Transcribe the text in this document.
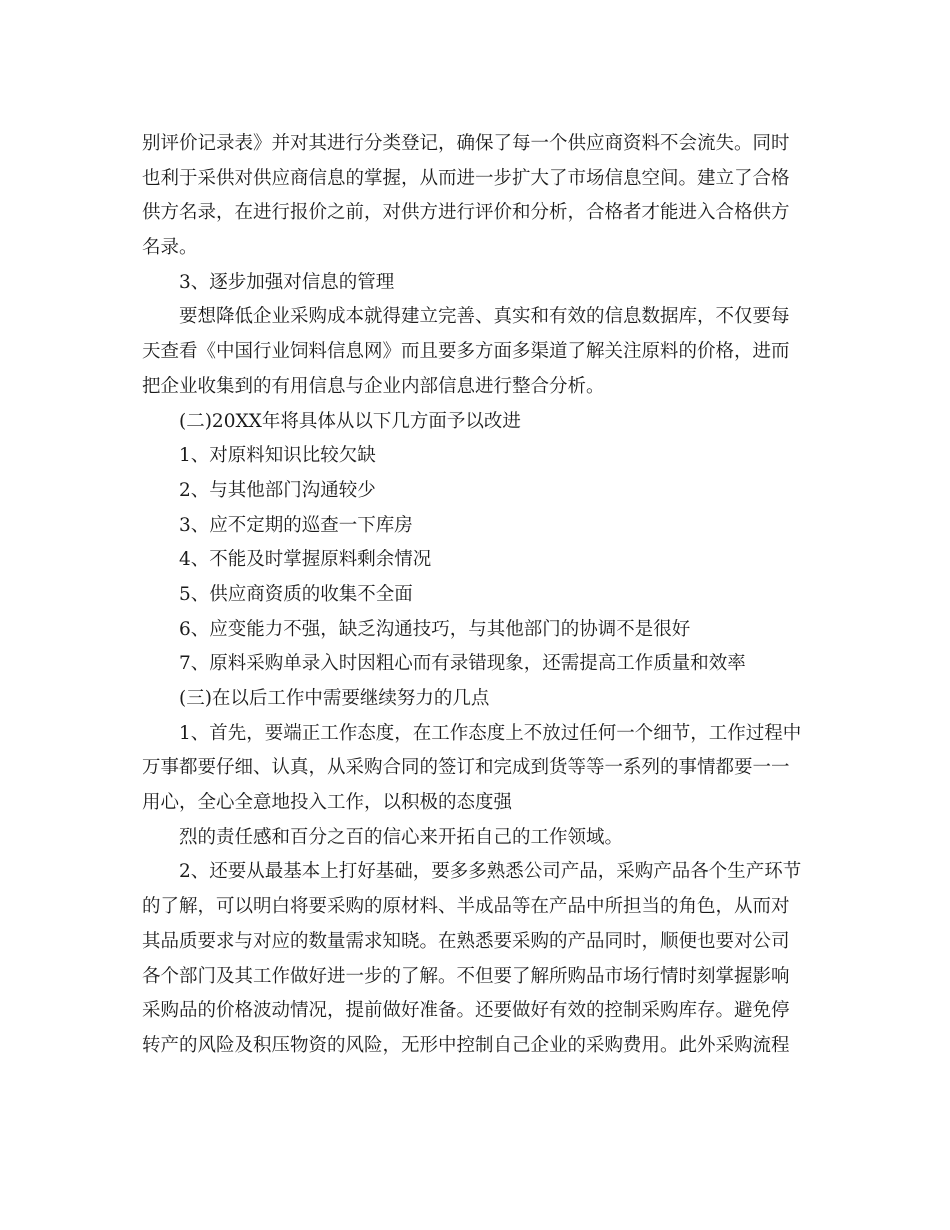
别评价记录表》并对其进行分类登记，确保了每一个供应商资料不会流失。同时
也利于采供对供应商信息的掌握，从而进一步扩大了市场信息空间。建立了合格
供方名录，在进行报价之前，对供方进行评价和分析，合格者才能进入合格供方
名录。
3、逐步加强对信息的管理
要想降低企业采购成本就得建立完善、真实和有效的信息数据库，不仅要每
天查看《中国行业饲料信息网》而且要多方面多渠道了解关注原料的价格，进而
把企业收集到的有用信息与企业内部信息进行整合分析。
(二)20XX年将具体从以下几方面予以改进
1、对原料知识比较欠缺
2、与其他部门沟通较少
3、应不定期的巡查一下库房
4、不能及时掌握原料剩余情况
5、供应商资质的收集不全面
6、应变能力不强，缺乏沟通技巧，与其他部门的协调不是很好
7、原料采购单录入时因粗心而有录错现象，还需提高工作质量和效率
(三)在以后工作中需要继续努力的几点
1、首先，要端正工作态度，在工作态度上不放过任何一个细节，工作过程中
万事都要仔细、认真，从采购合同的签订和完成到货等等一系列的事情都要一一
用心，全心全意地投入工作，以积极的态度强
烈的责任感和百分之百的信心来开拓自己的工作领域。
2、还要从最基本上打好基础，要多多熟悉公司产品，采购产品各个生产环节
的了解，可以明白将要采购的原材料、半成品等在产品中所担当的角色，从而对
其品质要求与对应的数量需求知晓。在熟悉要采购的产品同时，顺便也要对公司
各个部门及其工作做好进一步的了解。不但要了解所购品市场行情时刻掌握影响
采购品的价格波动情况，提前做好准备。还要做好有效的控制采购库存。避免停
转产的风险及积压物资的风险，无形中控制自己企业的采购费用。此外采购流程
